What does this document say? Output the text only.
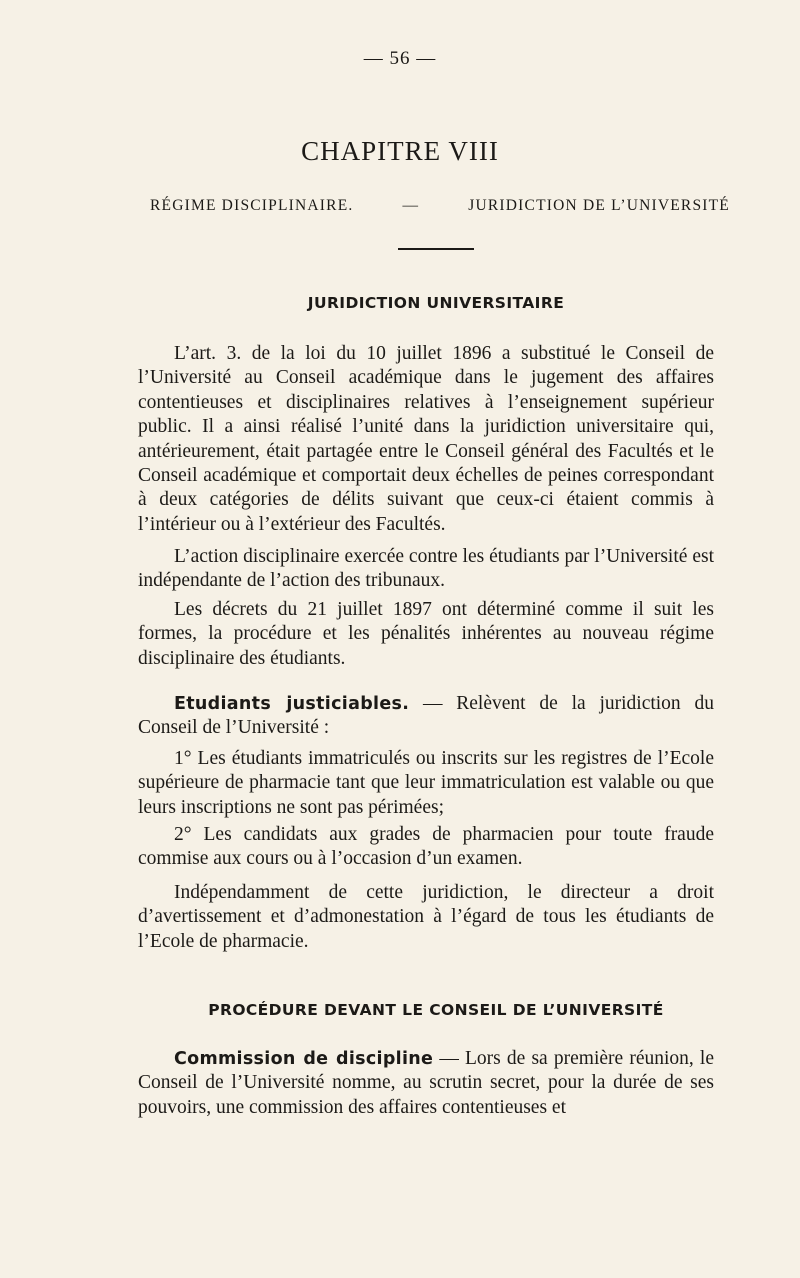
— 56 —
CHAPITRE VIII
RÉGIME DISCIPLINAIRE.	—	JURIDICTION DE L’UNIVERSITÉ
JURIDICTION UNIVERSITAIRE

L’art. 3. de la loi du 10 juillet 1896 a substitué le Conseil de l’Université au Conseil académique dans le jugement des affaires contentieuses et disciplinaires relatives à l’enseignement supérieur public. Il a ainsi réalisé l’unité dans la juridiction universitaire qui, antérieurement, était partagée entre le Conseil général des Facultés et le Conseil académique et comportait deux échelles de peines correspondant à deux catégories de délits suivant que ceux-ci étaient commis à l’intérieur ou à l’extérieur des Facultés.

L’action disciplinaire exercée contre les étudiants par l’Université est indépendante de l’action des tribunaux.

Les décrets du 21 juillet 1897 ont déterminé comme il suit les formes, la procédure et les pénalités inhérentes au nouveau régime disciplinaire des étudiants.

Etudiants justiciables. — Relèvent de la juridiction du Conseil de l’Université :

1° Les étudiants immatriculés ou inscrits sur les registres de l’Ecole supérieure de pharmacie tant que leur immatriculation est valable ou que leurs inscriptions ne sont pas périmées;

2° Les candidats aux grades de pharmacien pour toute fraude commise aux cours ou à l’occasion d’un examen.

Indépendamment de cette juridiction, le directeur a droit d’avertissement et d’admonestation à l’égard de tous les étudiants de l’Ecole de pharmacie.

PROCÉDURE DEVANT LE CONSEIL DE L’UNIVERSITÉ

Commission de discipline — Lors de sa première réunion, le Conseil de l’Université nomme, au scrutin secret, pour la durée de ses pouvoirs, une commission des affaires contentieuses et
